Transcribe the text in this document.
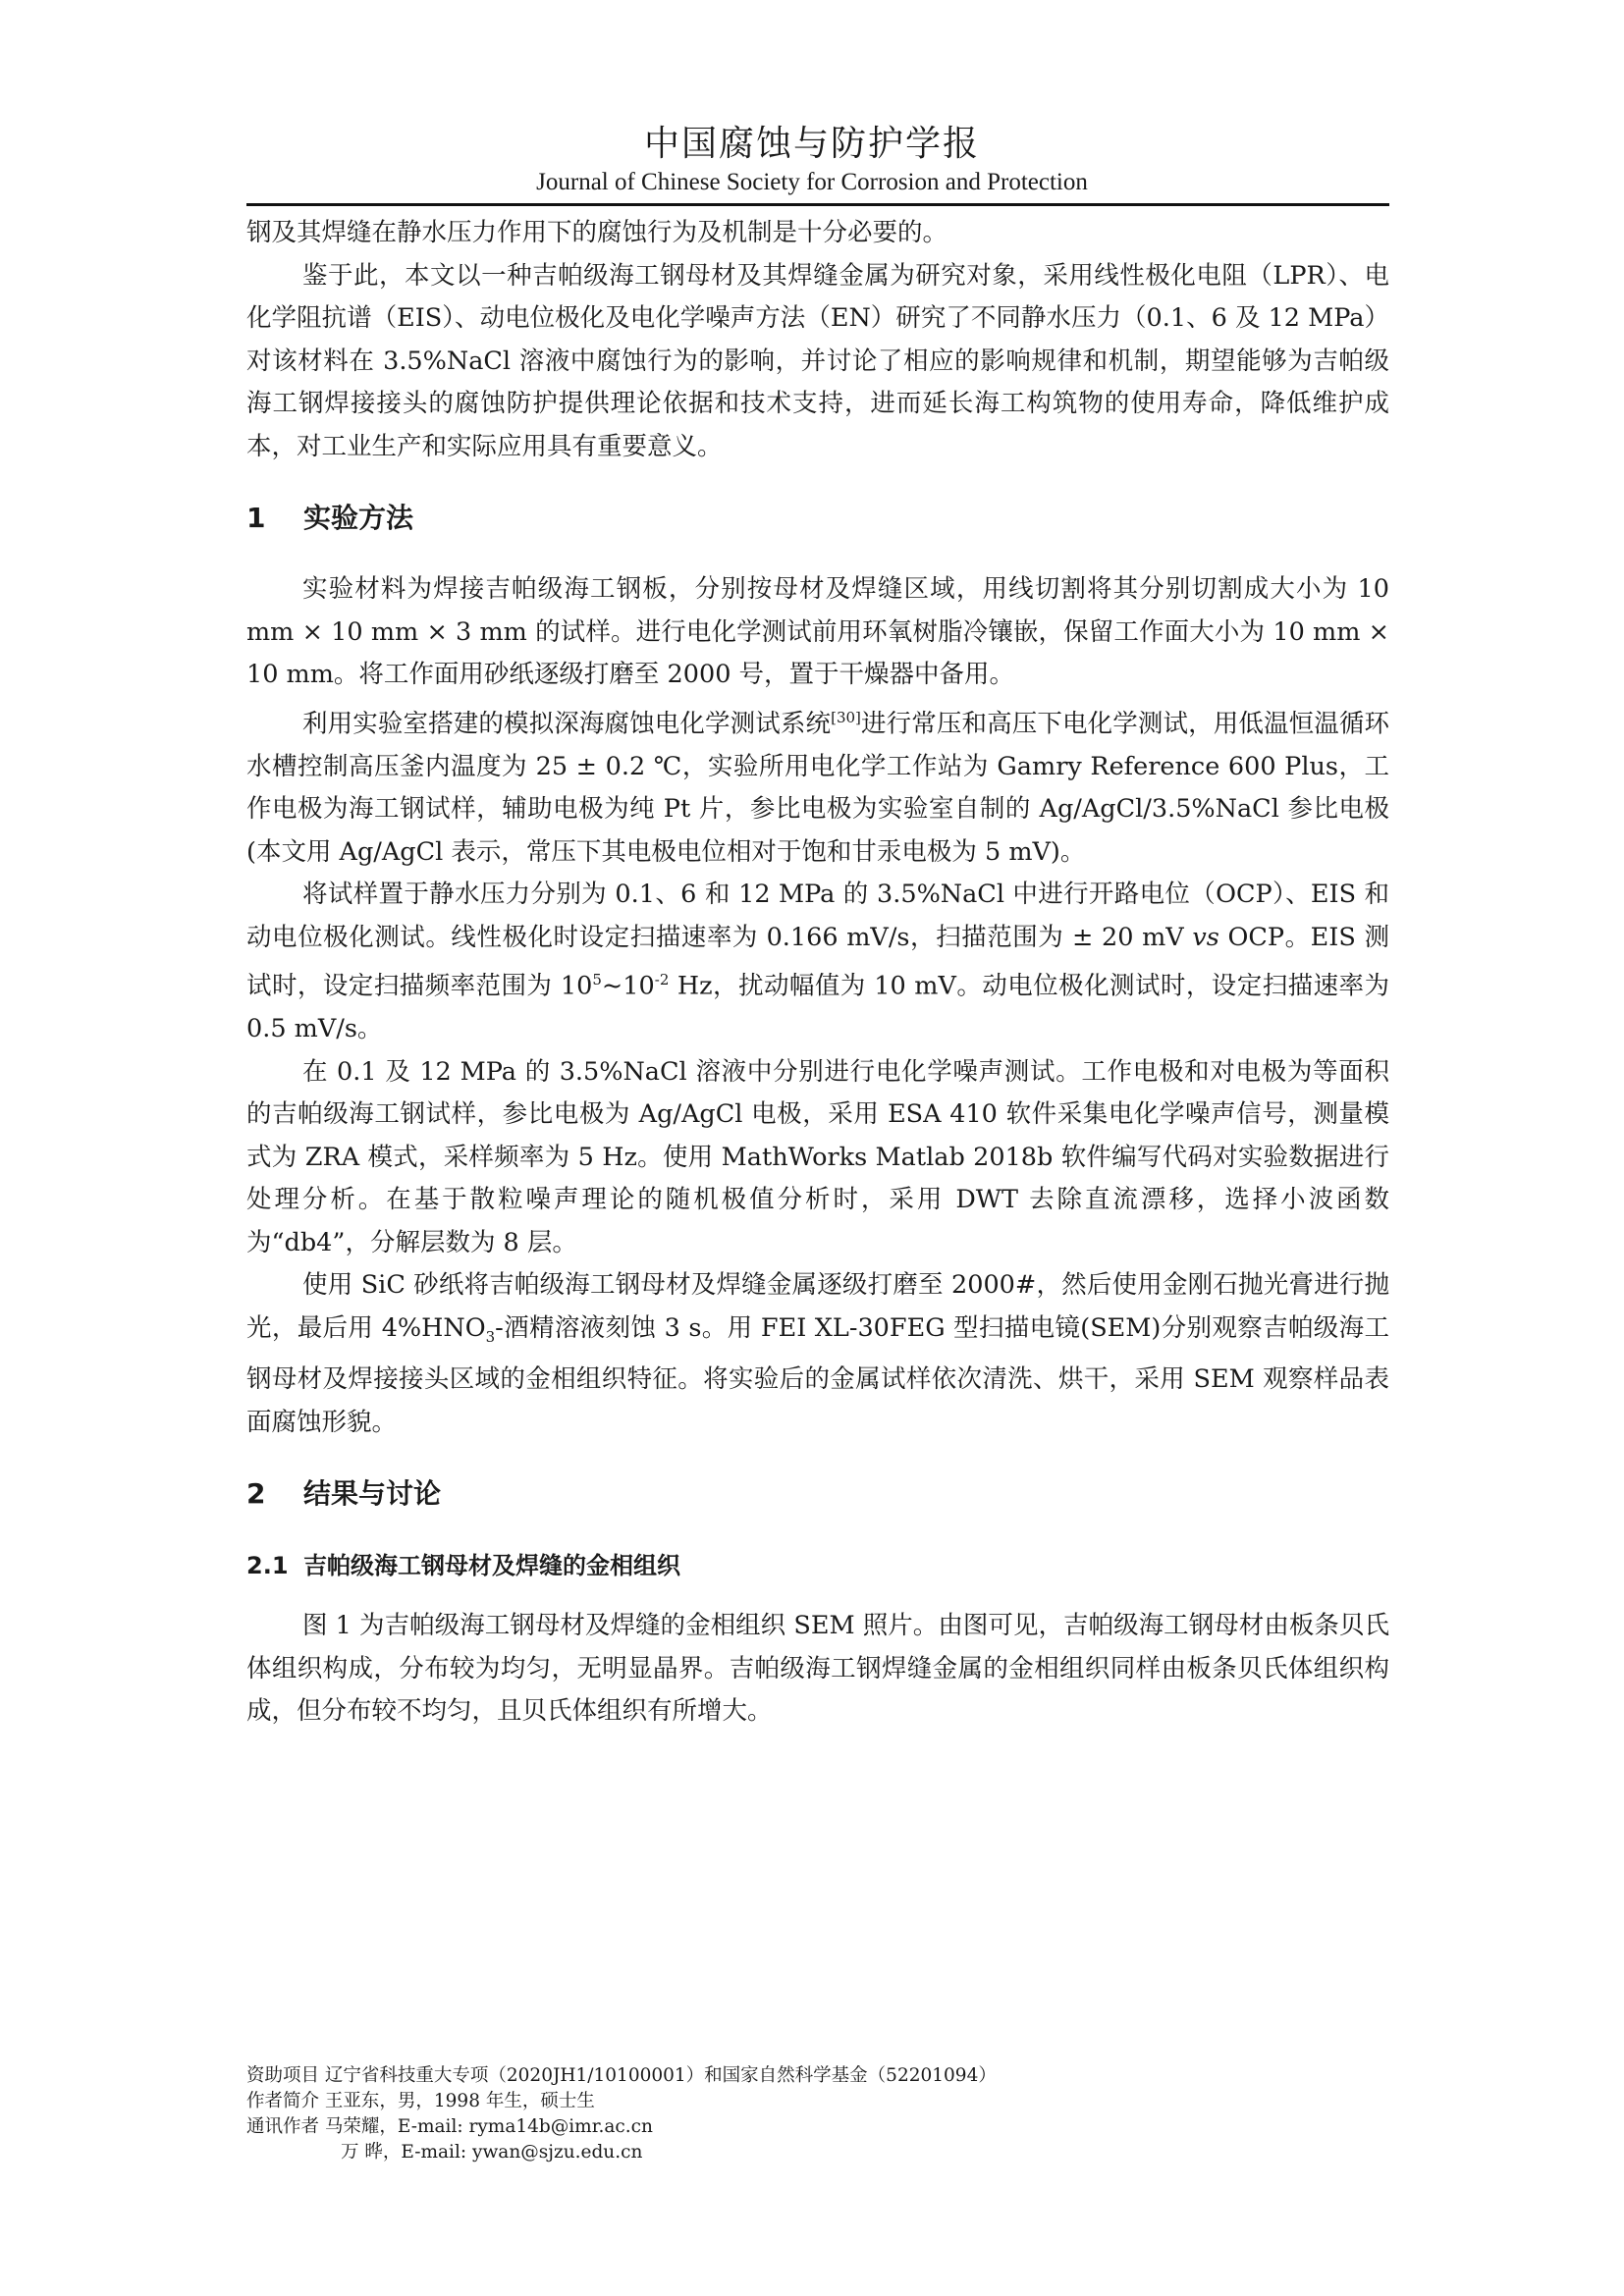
中国腐蚀与防护学报
Journal of Chinese Society for Corrosion and Protection

钢及其焊缝在静水压力作用下的腐蚀行为及机制是十分必要的。

鉴于此，本文以一种吉帕级海工钢母材及其焊缝金属为研究对象，采用线性极化电阻（LPR）、电化学阻抗谱（EIS）、动电位极化及电化学噪声方法（EN）研究了不同静水压力（0.1、6 及 12 MPa）对该材料在 3.5%NaCl 溶液中腐蚀行为的影响，并讨论了相应的影响规律和机制，期望能够为吉帕级海工钢焊接接头的腐蚀防护提供理论依据和技术支持，进而延长海工构筑物的使用寿命，降低维护成本，对工业生产和实际应用具有重要意义。

1 实验方法

实验材料为焊接吉帕级海工钢板，分别按母材及焊缝区域，用线切割将其分别切割成大小为 10 mm × 10 mm × 3 mm 的试样。进行电化学测试前用环氧树脂冷镶嵌，保留工作面大小为 10 mm × 10 mm。将工作面用砂纸逐级打磨至 2000 号，置于干燥器中备用。

利用实验室搭建的模拟深海腐蚀电化学测试系统[30]进行常压和高压下电化学测试，用低温恒温循环水槽控制高压釜内温度为 25 ± 0.2 ℃，实验所用电化学工作站为 Gamry Reference 600 Plus，工作电极为海工钢试样，辅助电极为纯 Pt 片，参比电极为实验室自制的 Ag/AgCl/3.5%NaCl 参比电极 (本文用 Ag/AgCl 表示，常压下其电极电位相对于饱和甘汞电极为 5 mV)。

将试样置于静水压力分别为 0.1、6 和 12 MPa 的 3.5%NaCl 中进行开路电位（OCP）、EIS 和动电位极化测试。线性极化时设定扫描速率为 0.166 mV/s，扫描范围为 ± 20 mV vs OCP。EIS 测试时，设定扫描频率范围为 $10^5\sim 10^{-2}$ Hz，扰动幅值为 10 mV。动电位极化测试时，设定扫描速率为 0.5 mV/s。

在 0.1 及 12 MPa 的 3.5%NaCl 溶液中分别进行电化学噪声测试。工作电极和对电极为等面积的吉帕级海工钢试样，参比电极为 Ag/AgCl 电极，采用 ESA 410 软件采集电化学噪声信号，测量模式为 ZRA 模式，采样频率为 5 Hz。使用 MathWorks Matlab 2018b 软件编写代码对实验数据进行处理分析。在基于散粒噪声理论的随机极值分析时，采用 DWT 去除直流漂移，选择小波函数为“db4”，分解层数为 8 层。

使用 SiC 砂纸将吉帕级海工钢母材及焊缝金属逐级打磨至 2000#，然后使用金刚石抛光膏进行抛光，最后用 $4\%HNO_3-$酒精溶液刻蚀 3 s。用 FEI XL-30FEG 型扫描电镜(SEM)分别观察吉帕级海工钢母材及焊接接头区域的金相组织特征。将实验后的金属试样依次清洗、烘干，采用 SEM 观察样品表面腐蚀形貌。

2 结果与讨论
2.1 吉帕级海工钢母材及焊缝的金相组织

图 1 为吉帕级海工钢母材及焊缝的金相组织 SEM 照片。由图可见，吉帕级海工钢母材由板条贝氏体组织构成，分布较为均匀，无明显晶界。吉帕级海工钢焊缝金属的金相组织同样由板条贝氏体组织构成，但分布较不均匀，且贝氏体组织有所增大。

资助项目 辽宁省科技重大专项（2020JH1/10100001）和国家自然科学基金（52201094）

作者简介 王亚东，男，1998 年生，硕士生

通讯作者 马荣耀，E-mail: ryma14b@imr.ac.cn

万 晔，E-mail: ywan@sjzu.edu.cn
